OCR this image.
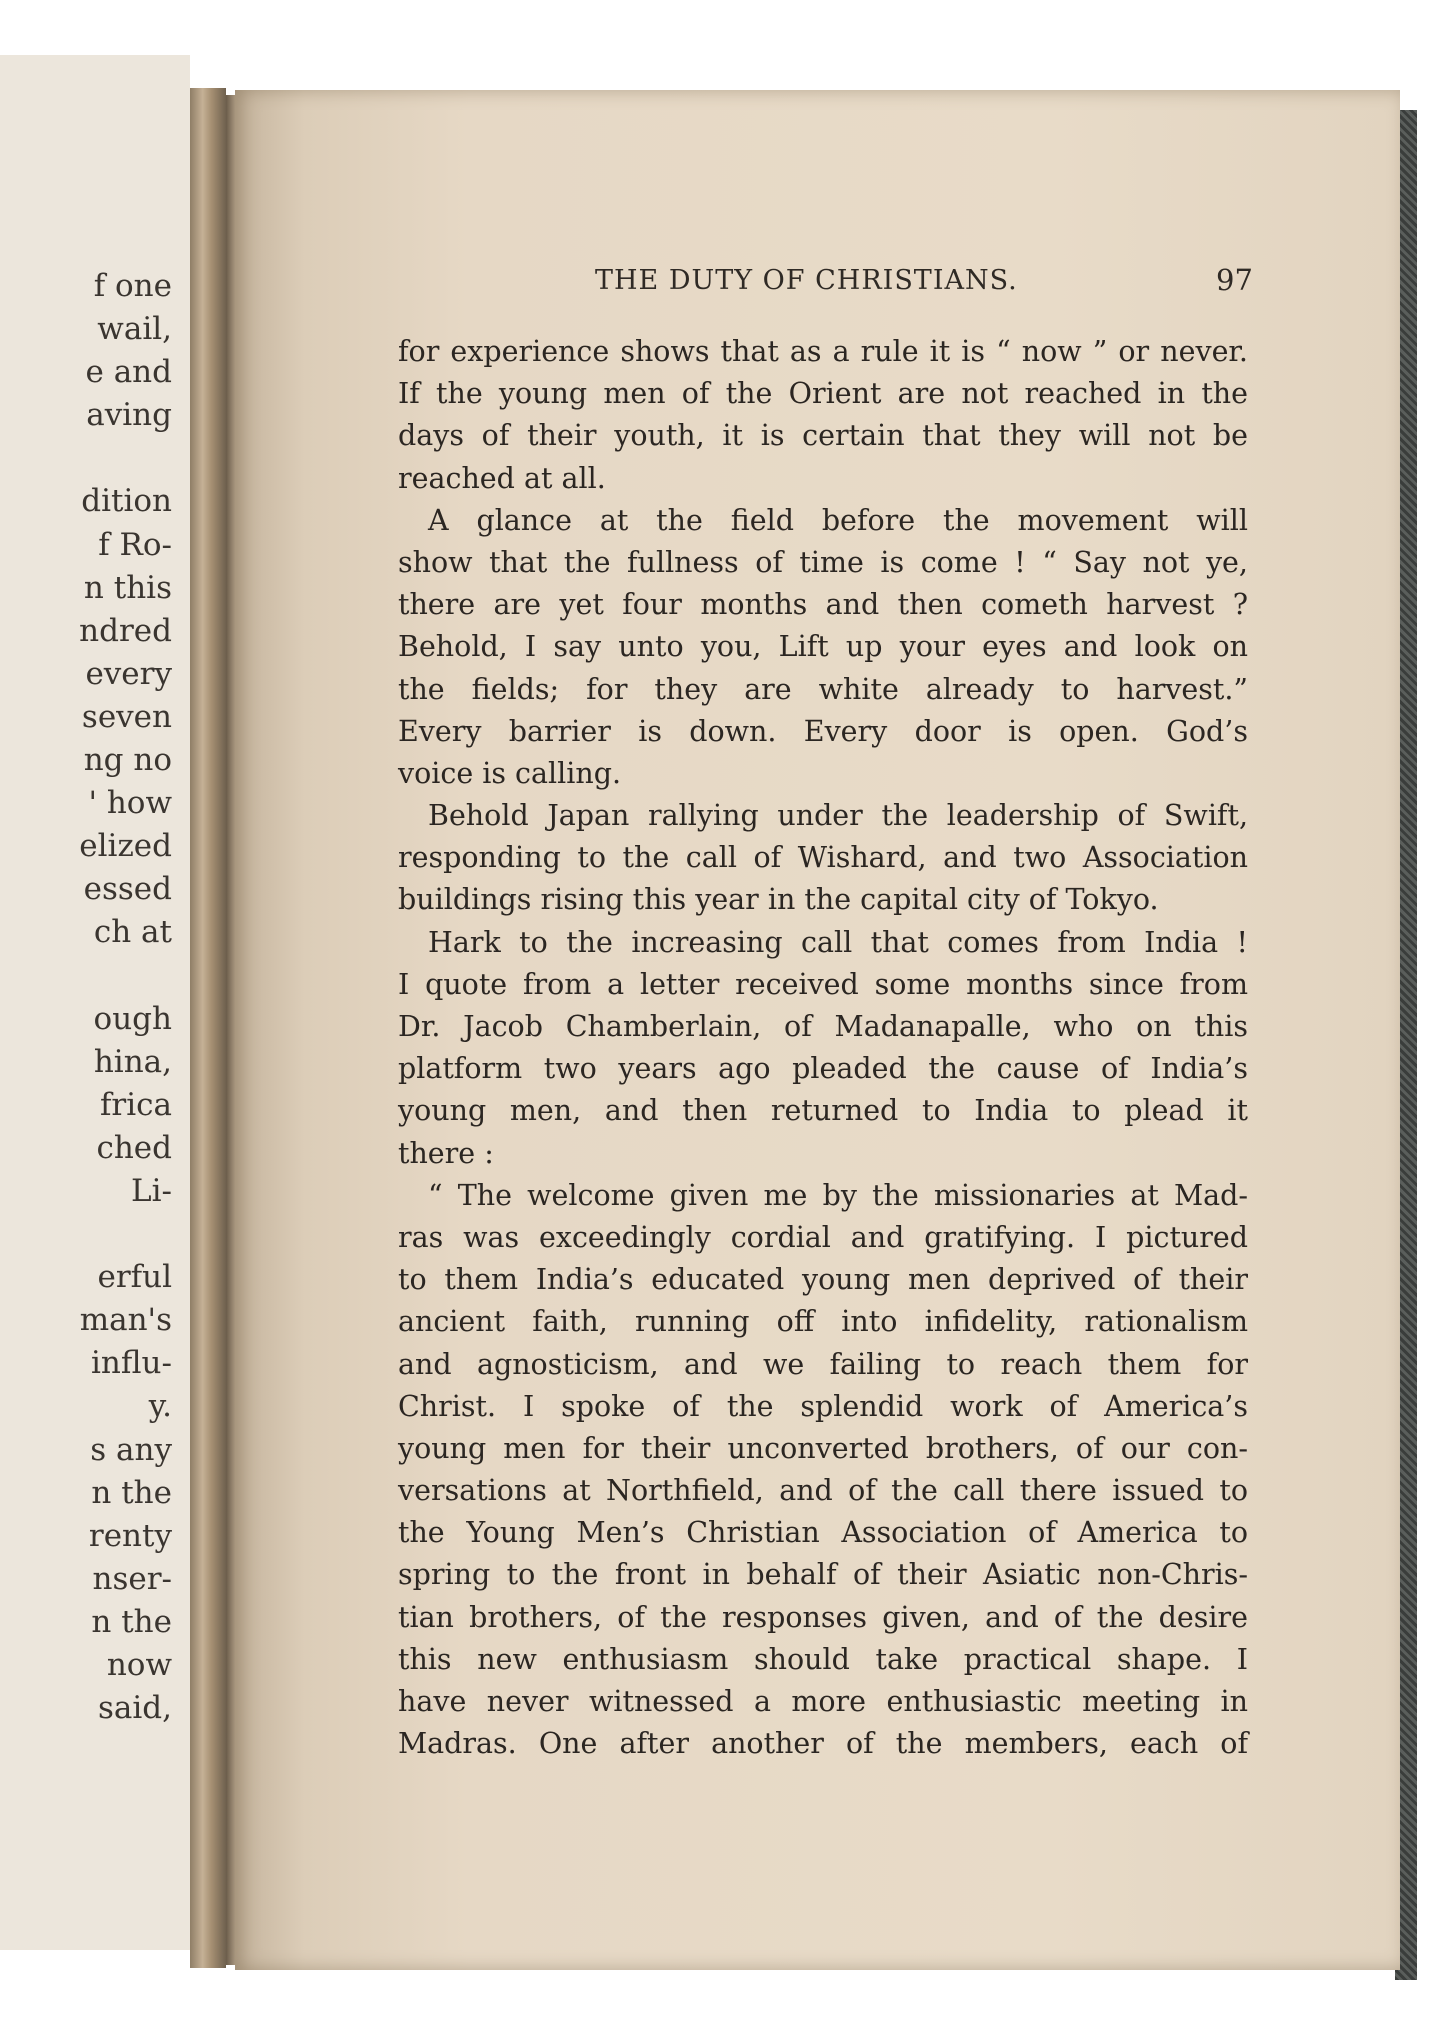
f one
wail,
e and
aving
dition
f Ro-
n this
ndred
every
seven
ng no
' how
elized
essed
ch at
ough
hina,
frica
ched
Li-
erful
man's
influ-
y.
s any
n the
renty
nser-
n the
now
said,
THE DUTY OF CHRISTIANS.	97
for experience shows that as a rule it is “ now ” or never.
If the young men of the Orient are not reached in the
days of their youth, it is certain that they will not be
reached at all.
A glance at the field before the movement will
show that the fullness of time is come ! “ Say not ye,
there are yet four months and then cometh harvest ?
Behold, I say unto you, Lift up your eyes and look on
the fields; for they are white already to harvest.”
Every barrier is down. Every door is open. God’s
voice is calling.
Behold Japan rallying under the leadership of Swift,
responding to the call of Wishard, and two Association
buildings rising this year in the capital city of Tokyo.
Hark to the increasing call that comes from India !
I quote from a letter received some months since from
Dr. Jacob Chamberlain, of Madanapalle, who on this
platform two years ago pleaded the cause of India’s
young men, and then returned to India to plead it
there :
“ The welcome given me by the missionaries at Mad-
ras was exceedingly cordial and gratifying. I pictured
to them India’s educated young men deprived of their
ancient faith, running off into infidelity, rationalism
and agnosticism, and we failing to reach them for
Christ. I spoke of the splendid work of America’s
young men for their unconverted brothers, of our con-
versations at Northfield, and of the call there issued to
the Young Men’s Christian Association of America to
spring to the front in behalf of their Asiatic non-Chris-
tian brothers, of the responses given, and of the desire
this new enthusiasm should take practical shape. I
have never witnessed a more enthusiastic meeting in
Madras. One after another of the members, each of
